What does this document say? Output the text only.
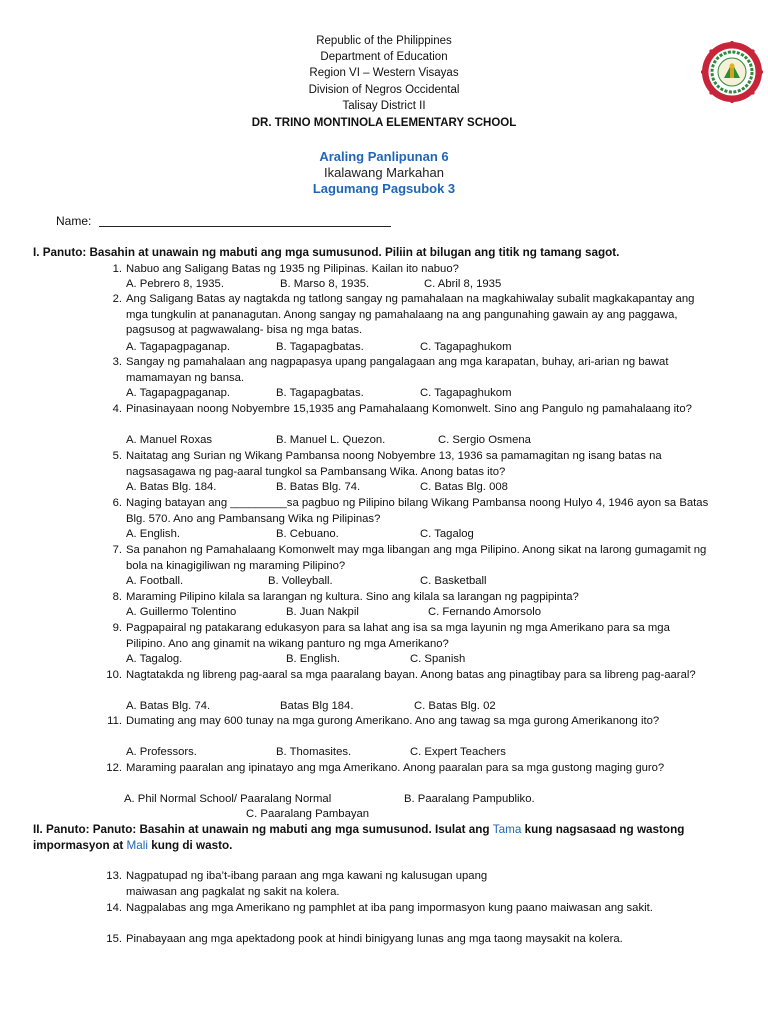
Republic of the Philippines
Department of Education
Region VI – Western Visayas
Division of Negros Occidental
Talisay District II
DR. TRINO MONTINOLA ELEMENTARY SCHOOL
Araling Panlipunan 6
Ikalawang Markahan
Lagumang Pagsubok 3
Name:
I. Panuto: Basahin at unawain ng mabuti ang mga sumusunod. Piliin at bilugan ang titik ng tamang sagot.
1. Nabuo ang Saligang Batas ng 1935 ng Pilipinas. Kailan ito nabuo?
A. Pebrero 8, 1935.	B. Marso 8, 1935.	C. Abril 8, 1935
2. Ang Saligang Batas ay nagtakda ng tatlong sangay ng pamahalaan na magkahiwalay subalit magkakapantay ang mga tungkulin at pananagutan. Anong sangay ng pamahalaang na ang pangunahing gawain ay ang paggawa, pagsusog at pagwawalang- bisa ng mga batas.
A. Tagapagpaganap.	B. Tagapagbatas.	C. Tagapaghukom
3. Sangay ng pamahalaan ang nagpapasya upang pangalagaan ang mga karapatan, buhay, ari-arian ng bawat mamamayan ng bansa.
A. Tagapagpaganap.	B. Tagapagbatas.	C. Tagapaghukom
4. Pinasinayaan noong Nobyembre 15,1935 ang Pamahalaang Komonwelt. Sino ang Pangulo ng pamahalaang ito?
A. Manuel Roxas	B. Manuel L. Quezon.	C. Sergio Osmena
5. Naitatag ang Surian ng Wikang Pambansa noong Nobyembre 13, 1936 sa pamamagitan ng isang batas na nagsasagawa ng pag-aaral tungkol sa Pambansang Wika. Anong batas ito?
A. Batas Blg. 184.	B. Batas Blg. 74.	C. Batas Blg. 008
6. Naging batayan ang _________sa pagbuo ng Pilipino bilang Wikang Pambansa noong Hulyo 4, 1946 ayon sa Batas Blg. 570. Ano ang Pambansang Wika ng Pilipinas?
A. English.	B. Cebuano.	C. Tagalog
7. Sa panahon ng Pamahalaang Komonwelt may mga libangan ang mga Pilipino. Anong sikat na larong gumagamit ng bola na kinagigiliwan ng maraming Pilipino?
A. Football.	B. Volleyball.	C. Basketball
8. Maraming Pilipino kilala sa larangan ng kultura. Sino ang kilala sa larangan ng pagpipinta?
A. Guillermo Tolentino	B. Juan Nakpil	C. Fernando Amorsolo
9. Pagpapairal ng patakarang edukasyon para sa lahat ang isa sa mga layunin ng mga Amerikano para sa mga Pilipino. Ano ang ginamit na wikang panturo ng mga Amerikano?
A. Tagalog.	B. English.	C. Spanish
10. Nagtatakda ng libreng pag-aaral sa mga paaralang bayan. Anong batas ang pinagtibay para sa libreng pag-aaral?
A. Batas Blg. 74.	Batas Blg 184.	C. Batas Blg. 02
11. Dumating ang may 600 tunay na mga gurong Amerikano. Ano ang tawag sa mga gurong Amerikanong ito?
A. Professors.	B. Thomasites.	C. Expert Teachers
12. Maraming paaralan ang ipinatayo ang mga Amerikano. Anong paaralan para sa mga gustong maging guro?
A. Phil Normal School/ Paaralang Normal	B. Paaralang Pampubliko.
C. Paaralang Pambayan
II. Panuto: Panuto: Basahin at unawain ng mabuti ang mga sumusunod. Isulat ang Tama kung nagsasaad ng wastong impormasyon at Mali kung di wasto.
13. Nagpatupad ng iba’t-ibang paraan ang mga kawani ng kalusugan upang maiwasan ang pagkalat ng sakit na kolera.
14. Nagpalabas ang mga Amerikano ng pamphlet at iba pang impormasyon kung paano maiwasan ang sakit.
15. Pinabayaan ang mga apektadong pook at hindi binigyang lunas ang mga taong maysakit na kolera.
